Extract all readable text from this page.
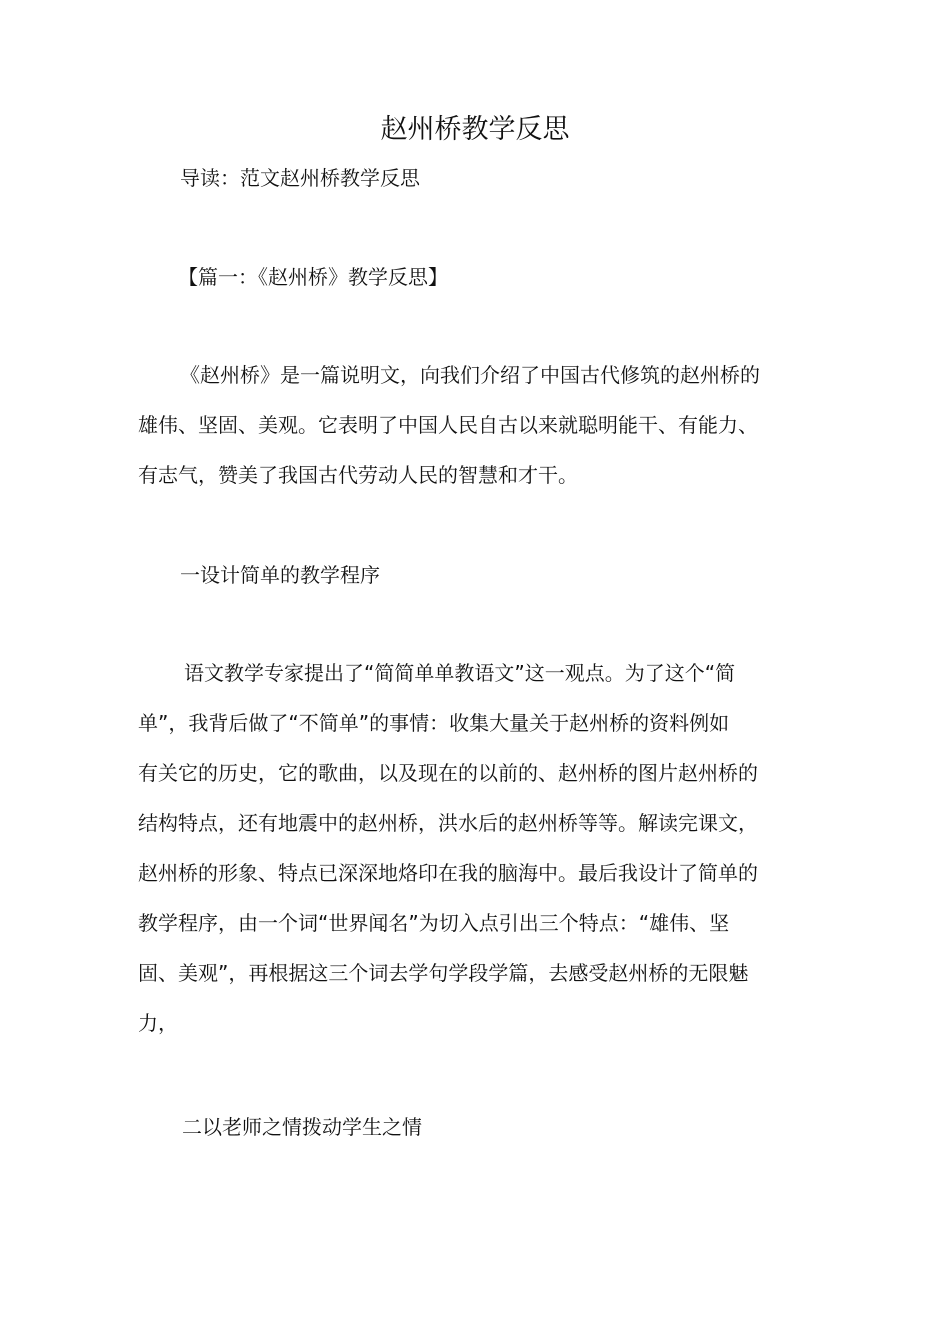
赵州桥教学反思

导读：范文赵州桥教学反思

【篇一：《赵州桥》教学反思】

《赵州桥》是一篇说明文，向我们介绍了中国古代修筑的赵州桥的
雄伟、坚固、美观。它表明了中国人民自古以来就聪明能干、有能力、
有志气，赞美了我国古代劳动人民的智慧和才干。

一设计简单的教学程序

语文教学专家提出了“简简单单教语文”这一观点。为了这个“简
单”，我背后做了“不简单”的事情：收集大量关于赵州桥的资料例如
有关它的历史，它的歌曲，以及现在的以前的、赵州桥的图片赵州桥的
结构特点，还有地震中的赵州桥，洪水后的赵州桥等等。解读完课文，
赵州桥的形象、特点已深深地烙印在我的脑海中。最后我设计了简单的
教学程序，由一个词“世界闻名”为切入点引出三个特点：“雄伟、坚
固、美观”，再根据这三个词去学句学段学篇，去感受赵州桥的无限魅
力，

二以老师之情拨动学生之情
